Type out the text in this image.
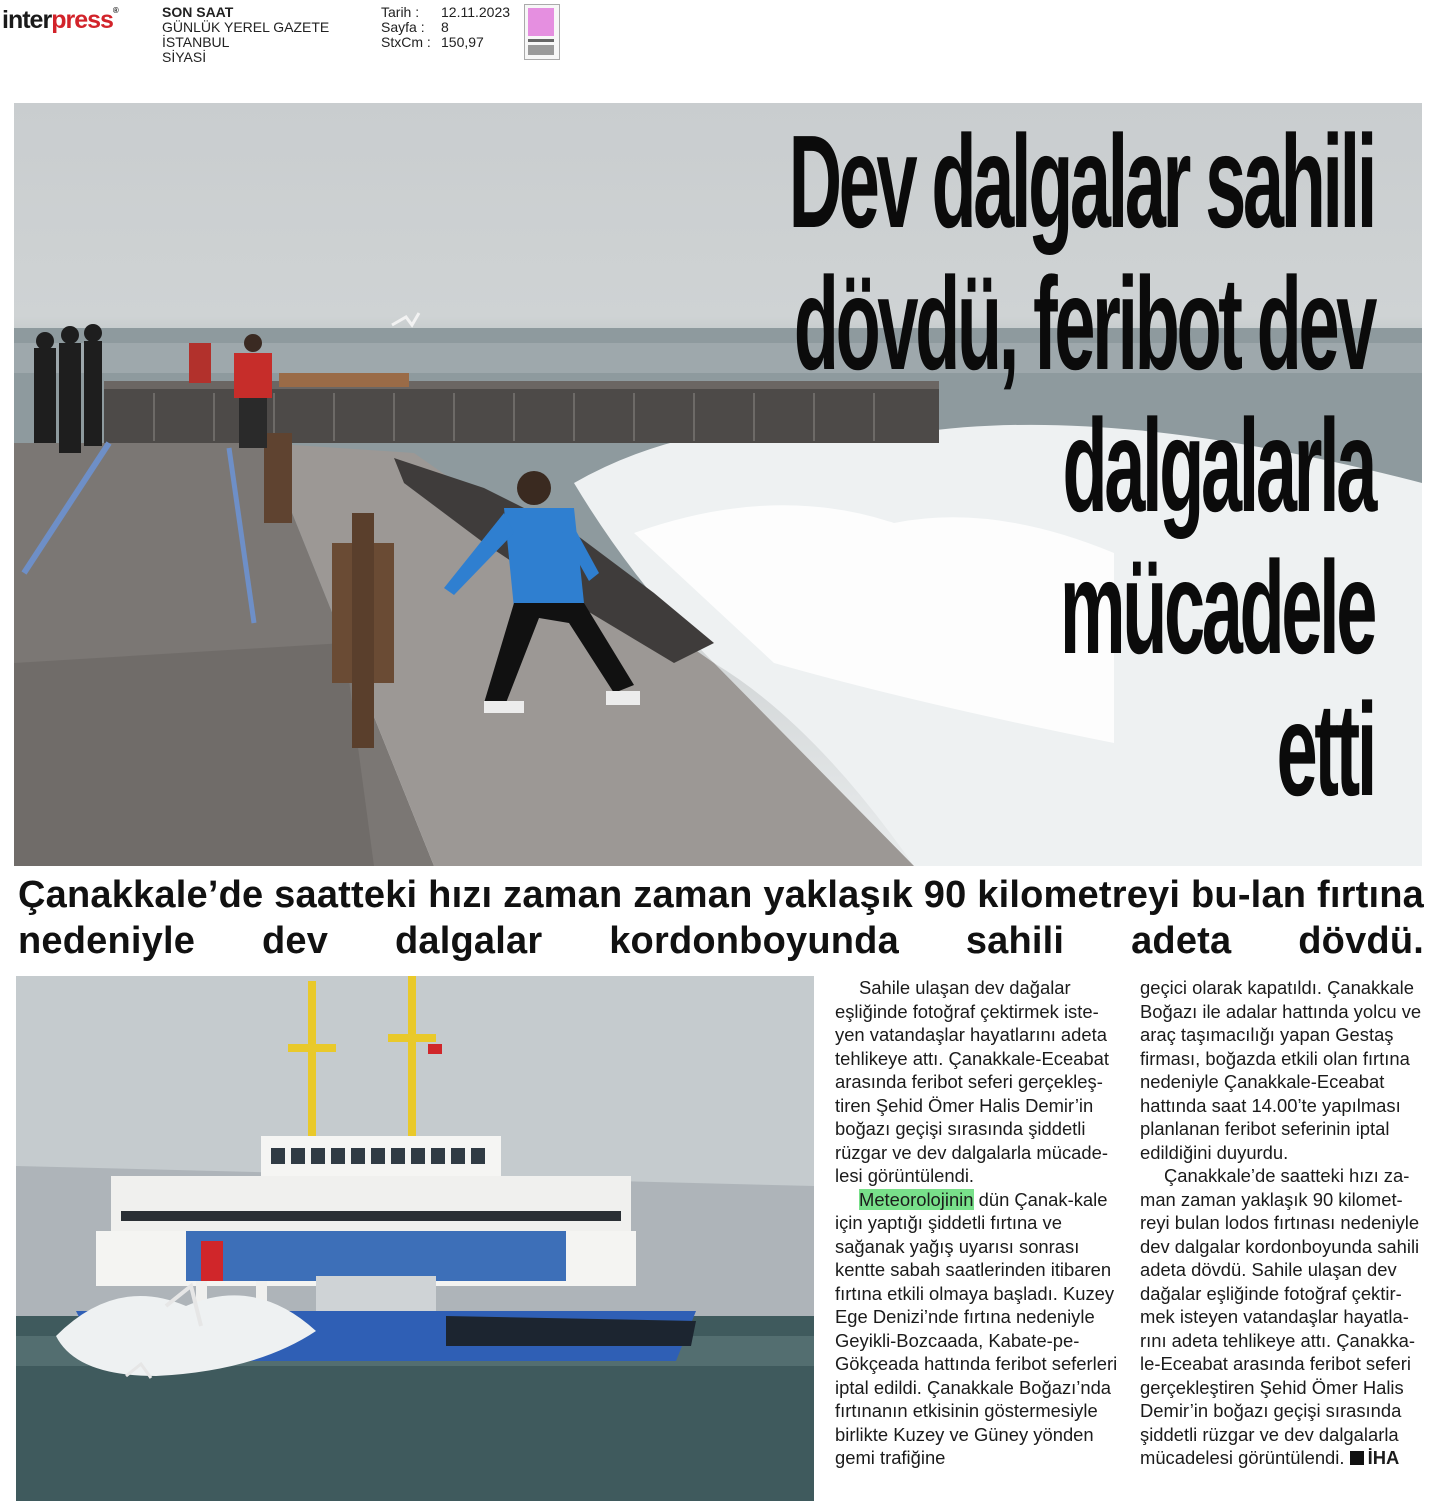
interpress®	SON SAAT
GÜNLÜK YEREL GAZETE
İSTANBUL
SİYASİ
Tarih :	12.11.2023
Sayfa :	8
StxCm : 150,97
Dev dalgalar sahili
dövdü, feribot dev
dalgalarla
mücadele
etti
Çanakkale’de saatteki hızı zaman zaman yaklaşık 90 kilometreyi bu-lan fırtına nedeniyle dev dalgalar kordonboyunda sahili adeta dövdü.

Sahile ulaşan dev dağalar eşliğinde fotoğraf çektirmek iste-yen vatandaşlar hayatlarını adeta tehlikeye attı. Çanakkale-Eceabat arasında feribot seferi gerçekleş-tiren Şehid Ömer Halis Demir’in boğazı geçişi sırasında şiddetli rüzgar ve dev dalgalarla mücade-lesi görüntülendi.

Meteorolojinin dün Çanak-kale için yaptığı şiddetli fırtına ve sağanak yağış uyarısı sonrası kentte sabah saatlerinden itibaren fırtına etkili olmaya başladı. Kuzey Ege Denizi’nde fırtına nedeniyle Geyikli-Bozcaada, Kabate-pe-Gökçeada hattında feribot seferleri iptal edildi. Çanakkale Boğazı’nda fırtınanın etkisinin göstermesiyle birlikte Kuzey ve Güney yönden gemi trafiğine

geçici olarak kapatıldı. Çanakkale Boğazı ile adalar hattında yolcu ve araç taşımacılığı yapan Gestaş firması, boğazda etkili olan fırtına nedeniyle Çanakkale-Eceabat hattında saat 14.00’te yapılması planlanan feribot seferinin iptal edildiğini duyurdu.

Çanakkale’de saatteki hızı za-man zaman yaklaşık 90 kilomet-reyi bulan lodos fırtınası nedeniyle dev dalgalar kordonboyunda sahili adeta dövdü. Sahile ulaşan dev dağalar eşliğinde fotoğraf çektir-mek isteyen vatandaşlar hayatla-rını adeta tehlikeye attı. Çanakka-le-Eceabat arasında feribot seferi gerçekleştiren Şehid Ömer Halis Demir’in boğazı geçişi sırasında şiddetli rüzgar ve dev dalgalarla mücadelesi görüntülendi. İHA
